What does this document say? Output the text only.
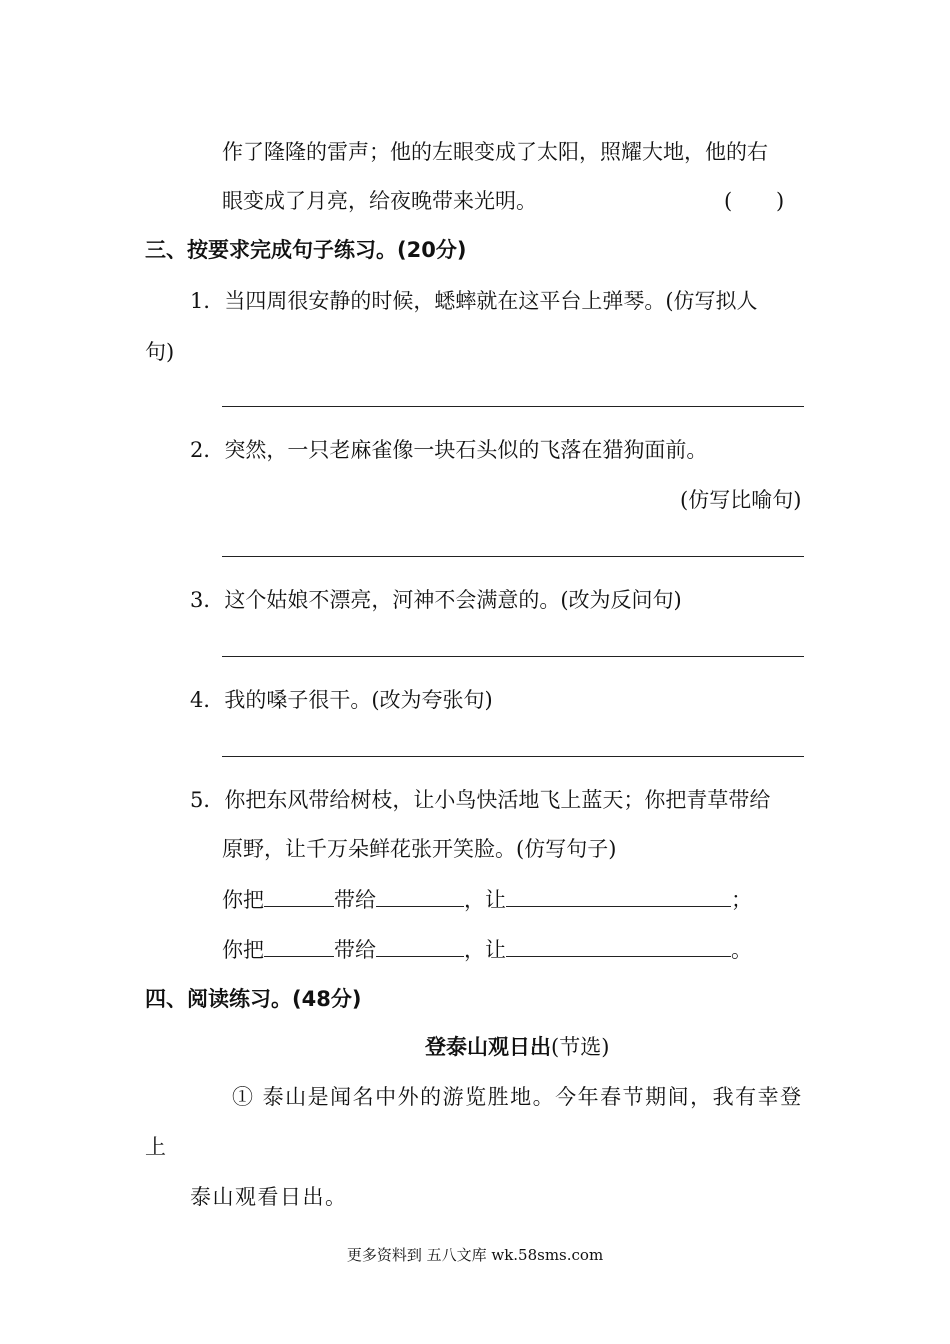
作了隆隆的雷声；他的左眼变成了太阳，照耀大地，他的右
眼变成了月亮，给夜晚带来光明。	( )
三、按要求完成句子练习。(20分)
1．当四周很安静的时候，蟋蟀就在这平台上弹琴。(仿写拟人
句)
2．突然，一只老麻雀像一块石头似的飞落在猎狗面前。
(仿写比喻句)
3．这个姑娘不漂亮，河神不会满意的。(改为反问句)
4．我的嗓子很干。(改为夸张句)
5．你把东风带给树枝，让小鸟快活地飞上蓝天；你把青草带给
原野，让千万朵鲜花张开笑脸。(仿写句子)
你把	带给	，让	；
你把	带给	，让	。
四、阅读练习。(48分)
登泰山观日出(节选)
① 泰山是闻名中外的游览胜地。今年春节期间，我有幸登
上
泰山观看日出。
更多资料到 五八文库 wk.58sms.com
